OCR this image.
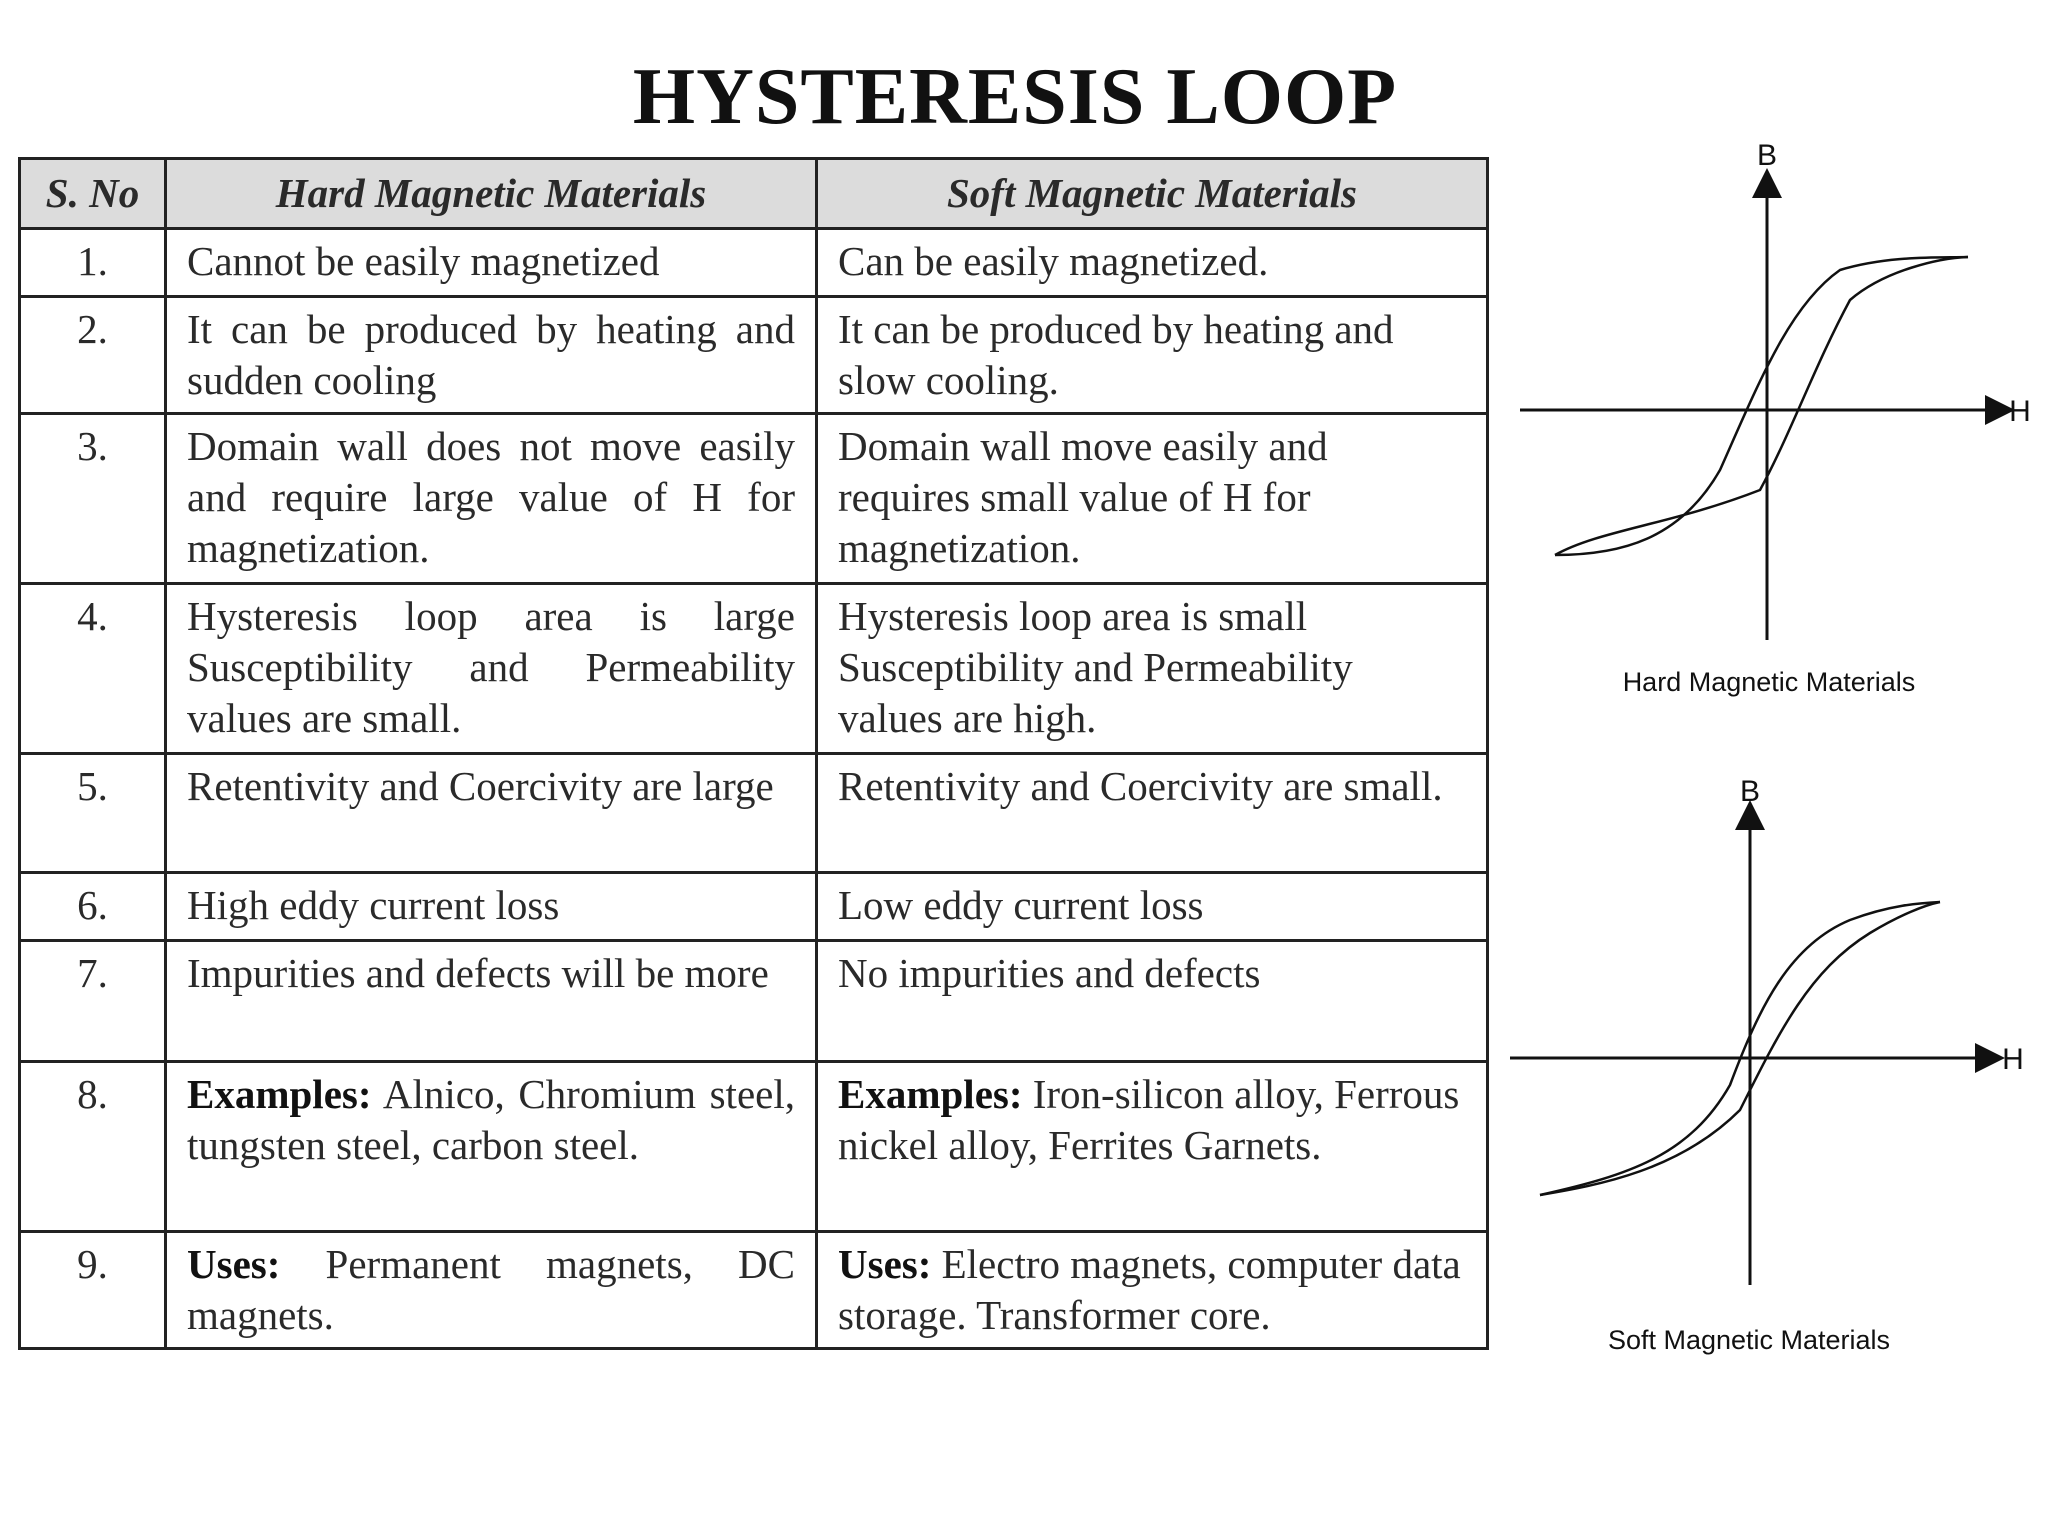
HYSTERESIS LOOP
S. No	Hard Magnetic Materials	Soft Magnetic Materials
1.	Cannot be easily magnetized	Can be easily magnetized.
2.	It can be produced by heating and sudden cooling	It can be produced by heating and slow cooling.
3.	Domain wall does not move easily and require large value of H for magnetization.	Domain wall move easily and requires small value of H for magnetization.
4.	Hysteresis loop area is large Susceptibility and Permeability values are small.	Hysteresis loop area is small Susceptibility and Permeability values are high.
5.	Retentivity and Coercivity are large	Retentivity and Coercivity are small.
6.	High eddy current loss	Low eddy current loss
7.	Impurities and defects will be more	No impurities and defects
8.	Examples: Alnico, Chromium steel, tungsten steel, carbon steel.	Examples: Iron-silicon alloy, Ferrous nickel alloy, Ferrites Garnets.
9.	Uses: Permanent magnets, DC magnets.	Uses: Electro magnets, computer data storage. Transformer core.
B
H
Hard Magnetic Materials
B
H
Soft Magnetic Materials
